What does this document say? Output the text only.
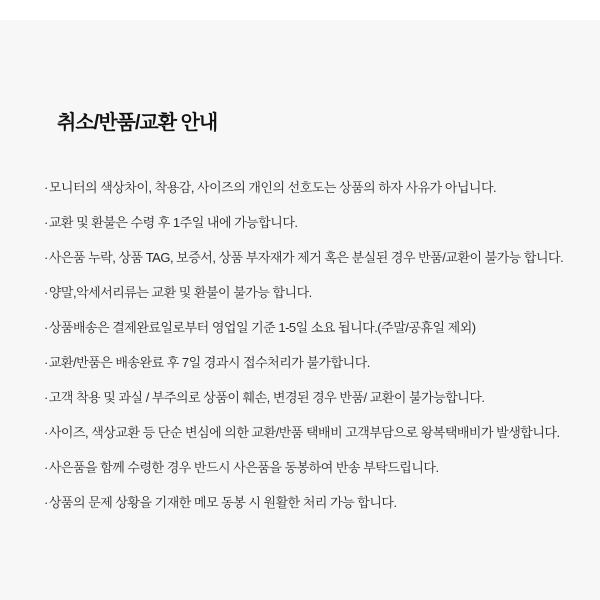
취소/반품/교환 안내
·모니터의 색상차이, 착용감, 사이즈의 개인의 선호도는 상품의 하자 사유가 아닙니다.
·교환 및 환불은 수령 후 1주일 내에 가능합니다.
·사은품 누락, 상품 TAG, 보증서, 상품 부자재가 제거 혹은 분실된 경우 반품/교환이 불가능 합니다.
·양말,악세서리류는 교환 및 환불이 불가능 합니다.
·상품배송은 결제완료일로부터 영업일 기준 1-5일 소요 됩니다.(주말/공휴일 제외)
·교환/반품은 배송완료 후 7일 경과시 접수처리가 불가합니다.
·고객 착용 및 과실 / 부주의로 상품이 훼손, 변경된 경우 반품/ 교환이 불가능합니다.
·사이즈, 색상교환 등 단순 변심에 의한 교환/반품 택배비 고객부담으로 왕복택배비가 발생합니다.
·사은품을 함께 수령한 경우 반드시 사은품을 동봉하여 반송 부탁드립니다.
·상품의 문제 상황을 기재한 메모 동봉 시 원활한 처리 가능 합니다.
